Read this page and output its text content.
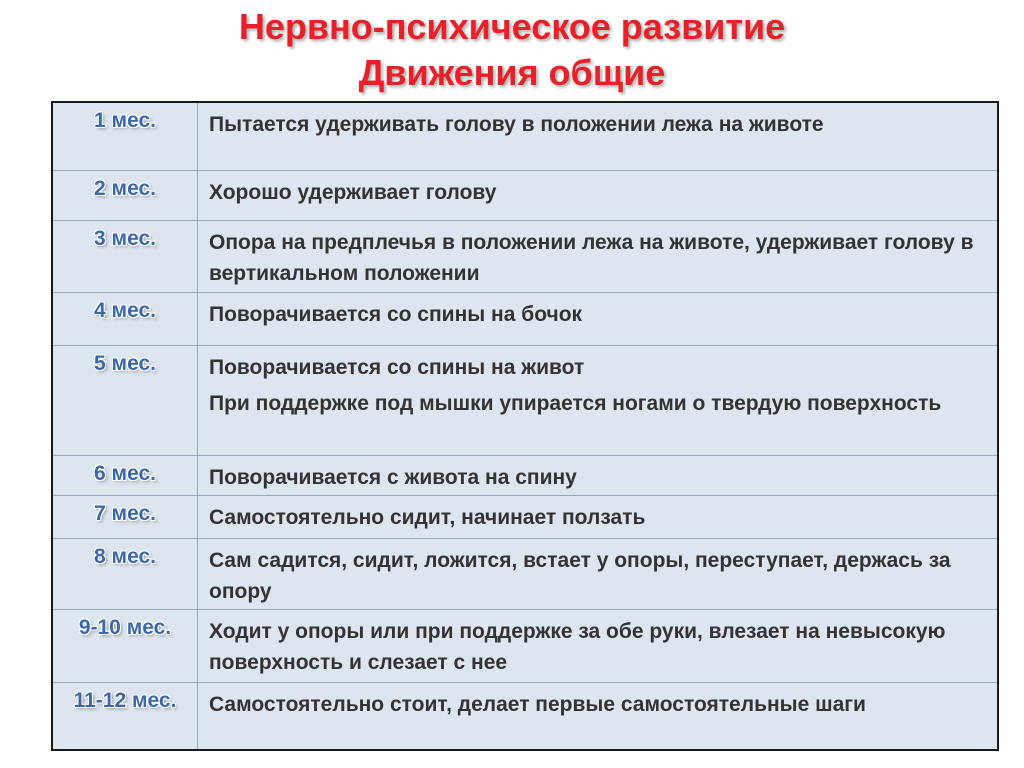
Нервно-психическое развитие
Движения общие
1 мес.	Пытается удерживать голову в положении лежа на животе
2 мес.	Хорошо удерживает голову
3 мес.	Опора на предплечья в положении лежа на животе, удерживает голову в вертикальном положении
4 мес.	Поворачивается со спины на бочок
5 мес.	Поворачивается со спины на живот
При поддержке под мышки упирается ногами о твердую поверхность

6 мес.	Поворачивается с живота на спину
7 мес.	Самостоятельно сидит, начинает ползать
8 мес.	Сам садится, сидит, ложится, встает у опоры, переступает, держась за опору
9-10 мес.	Ходит у опоры или при поддержке за обе руки, влезает на невысокую поверхность и слезает с нее
11-12 мес.	Самостоятельно стоит, делает первые самостоятельные шаги
